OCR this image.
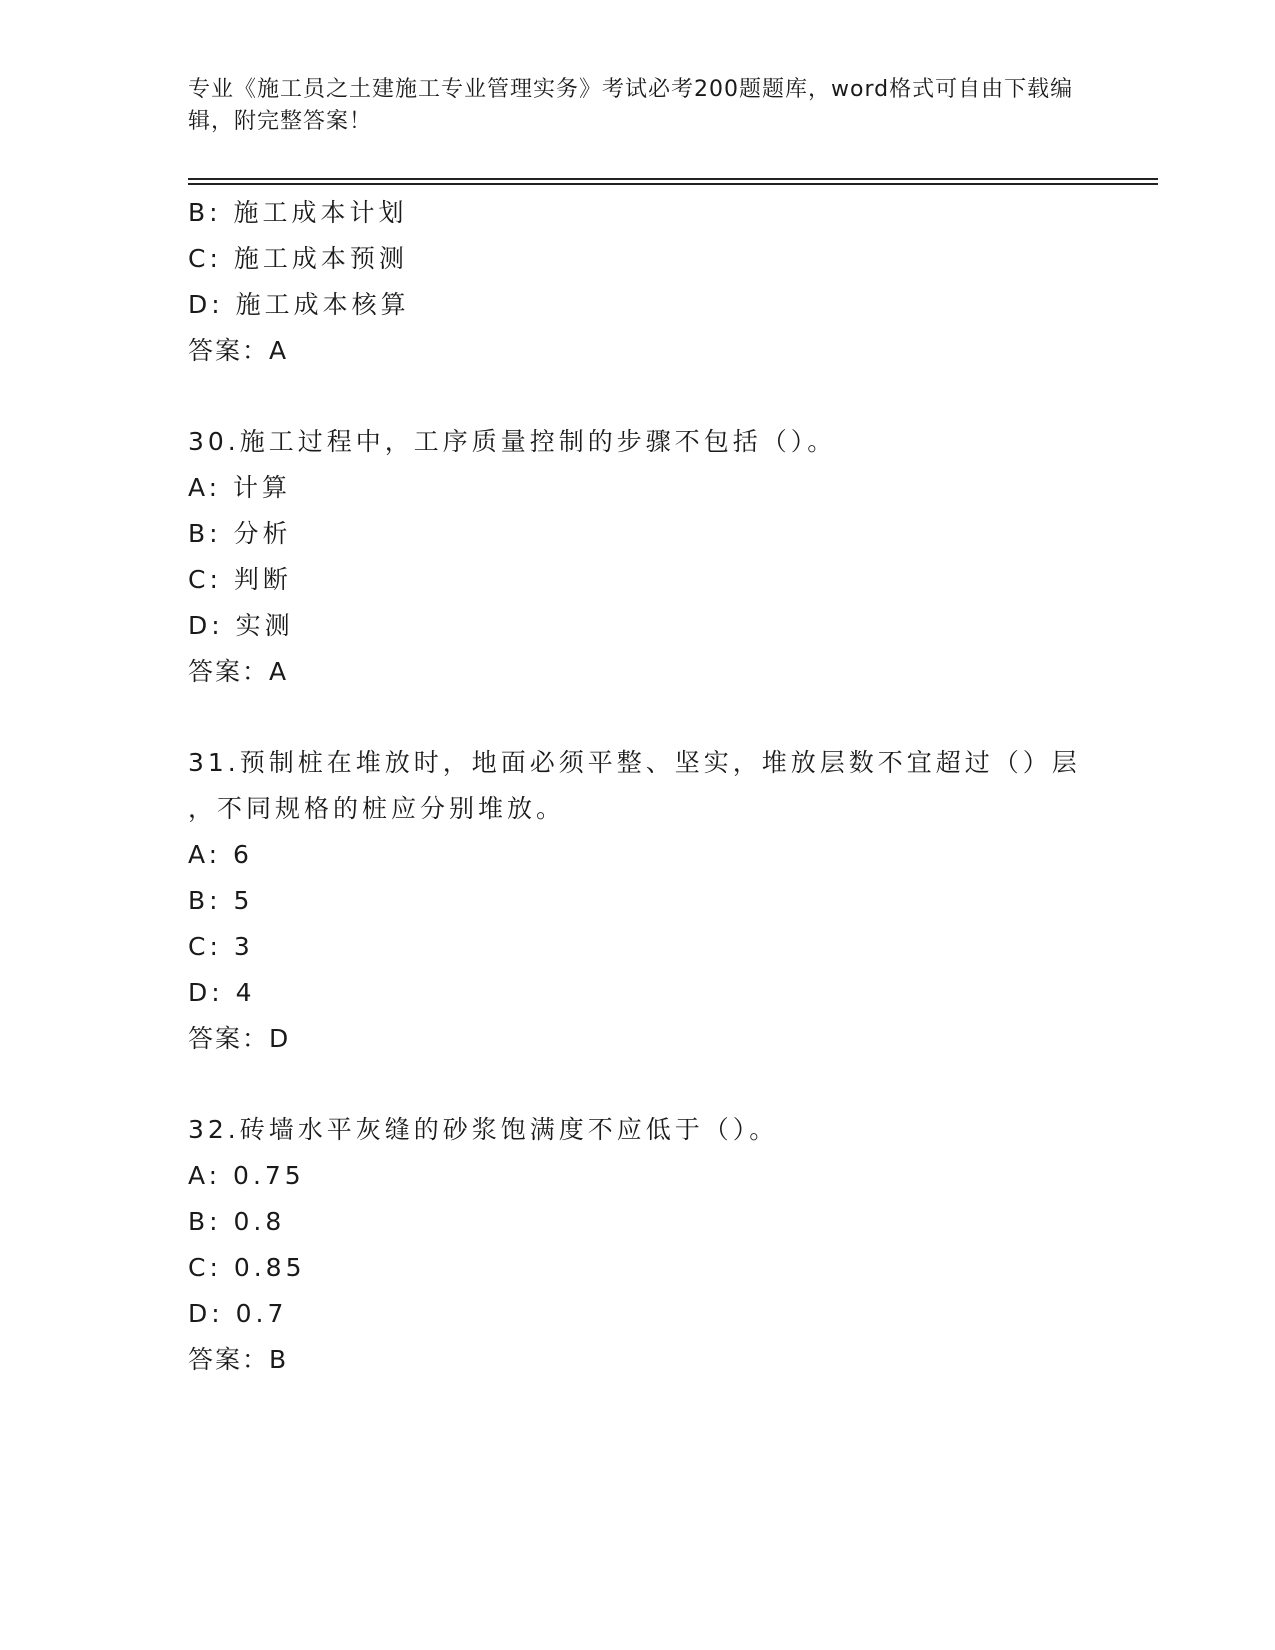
专业《施工员之土建施工专业管理实务》考试必考200题题库，word格式可自由下载编辑，附完整答案！
B: 施工成本计划
C: 施工成本预测
D: 施工成本核算
答案：A
30.施工过程中，工序质量控制的步骤不包括（）。
A: 计算
B: 分析
C: 判断
D: 实测
答案：A
31.预制桩在堆放时，地面必须平整、坚实，堆放层数不宜超过（）层
，不同规格的桩应分别堆放。
A: 6
B: 5
C: 3
D: 4
答案：D
32.砖墙水平灰缝的砂浆饱满度不应低于（）。
A: 0.75
B: 0.8
C: 0.85
D: 0.7
答案：B
